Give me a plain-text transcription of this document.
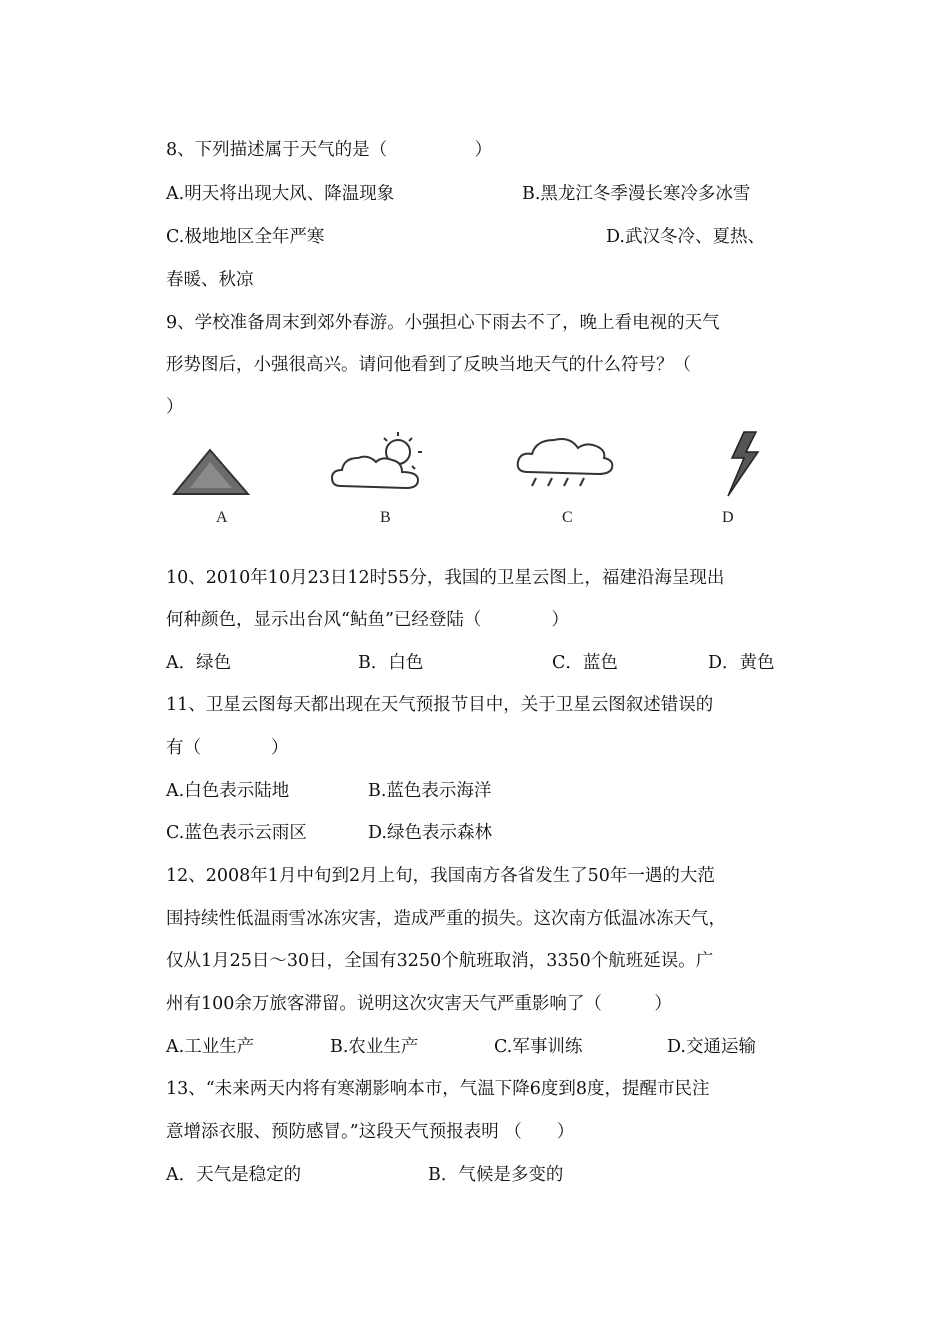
8、下列描述属于天气的是（　　　　　）
A.明天将出现大风、降温现象	B.黑龙江冬季漫长寒冷多冰雪
C.极地地区全年严寒	D.武汉冬冷、夏热、
春暖、秋凉
9、学校准备周末到郊外春游。小强担心下雨去不了，晚上看电视的天气
形势图后，小强很高兴。请问他看到了反映当地天气的什么符号？（
）
A	B	C	D
10、2010年10月23日12时55分，我国的卫星云图上，福建沿海呈现出
何种颜色，显示出台风“鲇鱼”已经登陆（　　　　）
A．绿色	B．白色	C．蓝色	D．黄色
11、卫星云图每天都出现在天气预报节目中，关于卫星云图叙述错误的
有（　　　　）
A.白色表示陆地	B.蓝色表示海洋
C.蓝色表示云雨区	D.绿色表示森林
12、2008年1月中旬到2月上旬，我国南方各省发生了50年一遇的大范
围持续性低温雨雪冰冻灾害，造成严重的损失。这次南方低温冰冻天气，
仅从1月25日～30日，全国有3250个航班取消，3350个航班延误。广
州有100余万旅客滞留。说明这次灾害天气严重影响了（　　　）
A.工业生产	B.农业生产	C.军事训练	D.交通运输
13、“未来两天内将有寒潮影响本市，气温下降6度到8度，提醒市民注
意增添衣服、预防感冒。”这段天气预报表明 （　　）
A．天气是稳定的	B．气候是多变的
